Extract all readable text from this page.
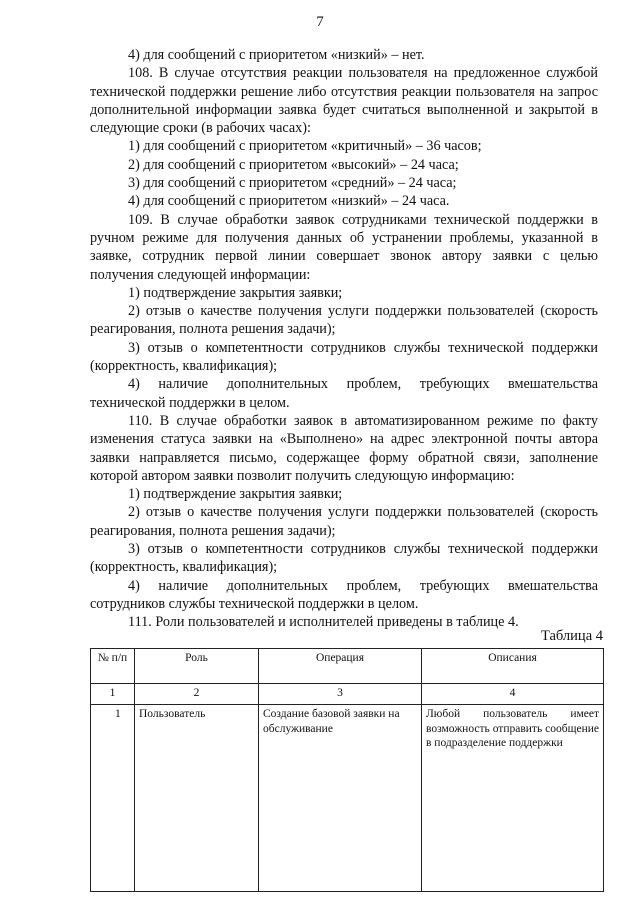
7

4) для сообщений с приоритетом «низкий» – нет.

108. В случае отсутствия реакции пользователя на предложенное службой технической поддержки решение либо отсутствия реакции пользователя на запрос дополнительной информации заявка будет считаться выполненной и закрытой в следующие сроки (в рабочих часах):

1) для сообщений с приоритетом «критичный» – 36 часов;

2) для сообщений с приоритетом «высокий» – 24 часа;

3) для сообщений с приоритетом «средний» – 24 часа;

4) для сообщений с приоритетом «низкий» – 24 часа.

109. В случае обработки заявок сотрудниками технической поддержки в ручном режиме для получения данных об устранении проблемы, указанной в заявке, сотрудник первой линии совершает звонок автору заявки с целью получения следующей информации:

1) подтверждение закрытия заявки;

2) отзыв о качестве получения услуги поддержки пользователей (скорость реагирования, полнота решения задачи);

3) отзыв о компетентности сотрудников службы технической поддержки (корректность, квалификация);

4) наличие дополнительных проблем, требующих вмешательства технической поддержки в целом.

110. В случае обработки заявок в автоматизированном режиме по факту изменения статуса заявки на «Выполнено» на адрес электронной почты автора заявки направляется письмо, содержащее форму обратной связи, заполнение которой автором заявки позволит получить следующую информацию:

1) подтверждение закрытия заявки;

2) отзыв о качестве получения услуги поддержки пользователей (скорость реагирования, полнота решения задачи);

3) отзыв о компетентности сотрудников службы технической поддержки (корректность, квалификация);

4) наличие дополнительных проблем, требующих вмешательства сотрудников службы технической поддержки в целом.

111. Роли пользователей и исполнителей приведены в таблице 4.

Таблица 4
№ п/п	Роль	Операция	Описания
1	2	3	4
1	Пользователь	Создание базовой заявки на обслуживание	Любой пользователь имеет возможность отправить сообщение в подразделение поддержки
